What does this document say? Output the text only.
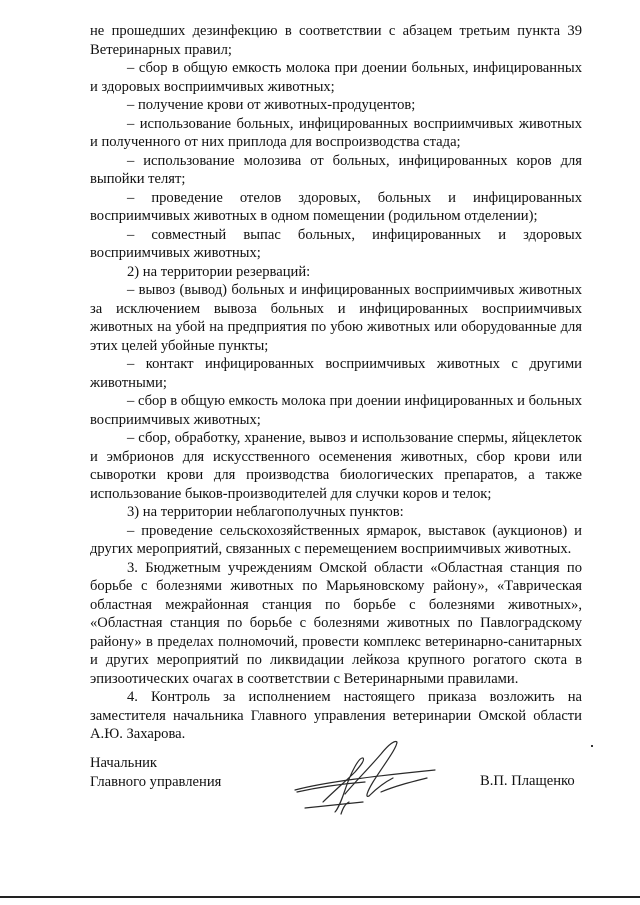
не прошедших дезинфекцию в соответствии с абзацем третьим пункта 39 Ветеринарных правил;

– сбор в общую емкость молока при доении больных, инфицированных и здоровых восприимчивых животных;

– получение крови от животных-продуцентов;

– использование больных, инфицированных восприимчивых животных и полученного от них приплода для воспроизводства стада;

– использование молозива от больных, инфицированных коров для выпойки телят;

– проведение отелов здоровых, больных и инфицированных восприимчивых животных в одном помещении (родильном отделении);

– совместный выпас больных, инфицированных и здоровых восприимчивых животных;

2) на территории резерваций:

– вывоз (вывод) больных и инфицированных восприимчивых животных за исключением вывоза больных и инфицированных восприимчивых животных на убой на предприятия по убою животных или оборудованные для этих целей убойные пункты;

– контакт инфицированных восприимчивых животных с другими животными;

– сбор в общую емкость молока при доении инфицированных и больных восприимчивых животных;

– сбор, обработку, хранение, вывоз и использование спермы, яйцеклеток и эмбрионов для искусственного осеменения животных, сбор крови или сыворотки крови для производства биологических препаратов, а также использование быков-производителей для случки коров и телок;

3) на территории неблагополучных пунктов:

– проведение сельскохозяйственных ярмарок, выставок (аукционов) и других мероприятий, связанных с перемещением восприимчивых животных.

3. Бюджетным учреждениям Омской области «Областная станция по борьбе с болезнями животных по Марьяновскому району», «Таврическая областная межрайонная станция по борьбе с болезнями животных», «Областная станция по борьбе с болезнями животных по Павлоградскому району» в пределах полномочий, провести комплекс ветеринарно-санитарных и других мероприятий по ликвидации лейкоза крупного рогатого скота в эпизоотических очагах в соответствии с Ветеринарными правилами.

4. Контроль за исполнением настоящего приказа возложить на заместителя начальника Главного управления ветеринарии Омской области А.Ю. Захарова.

Начальник
Главного управления	В.П. Плащенко
